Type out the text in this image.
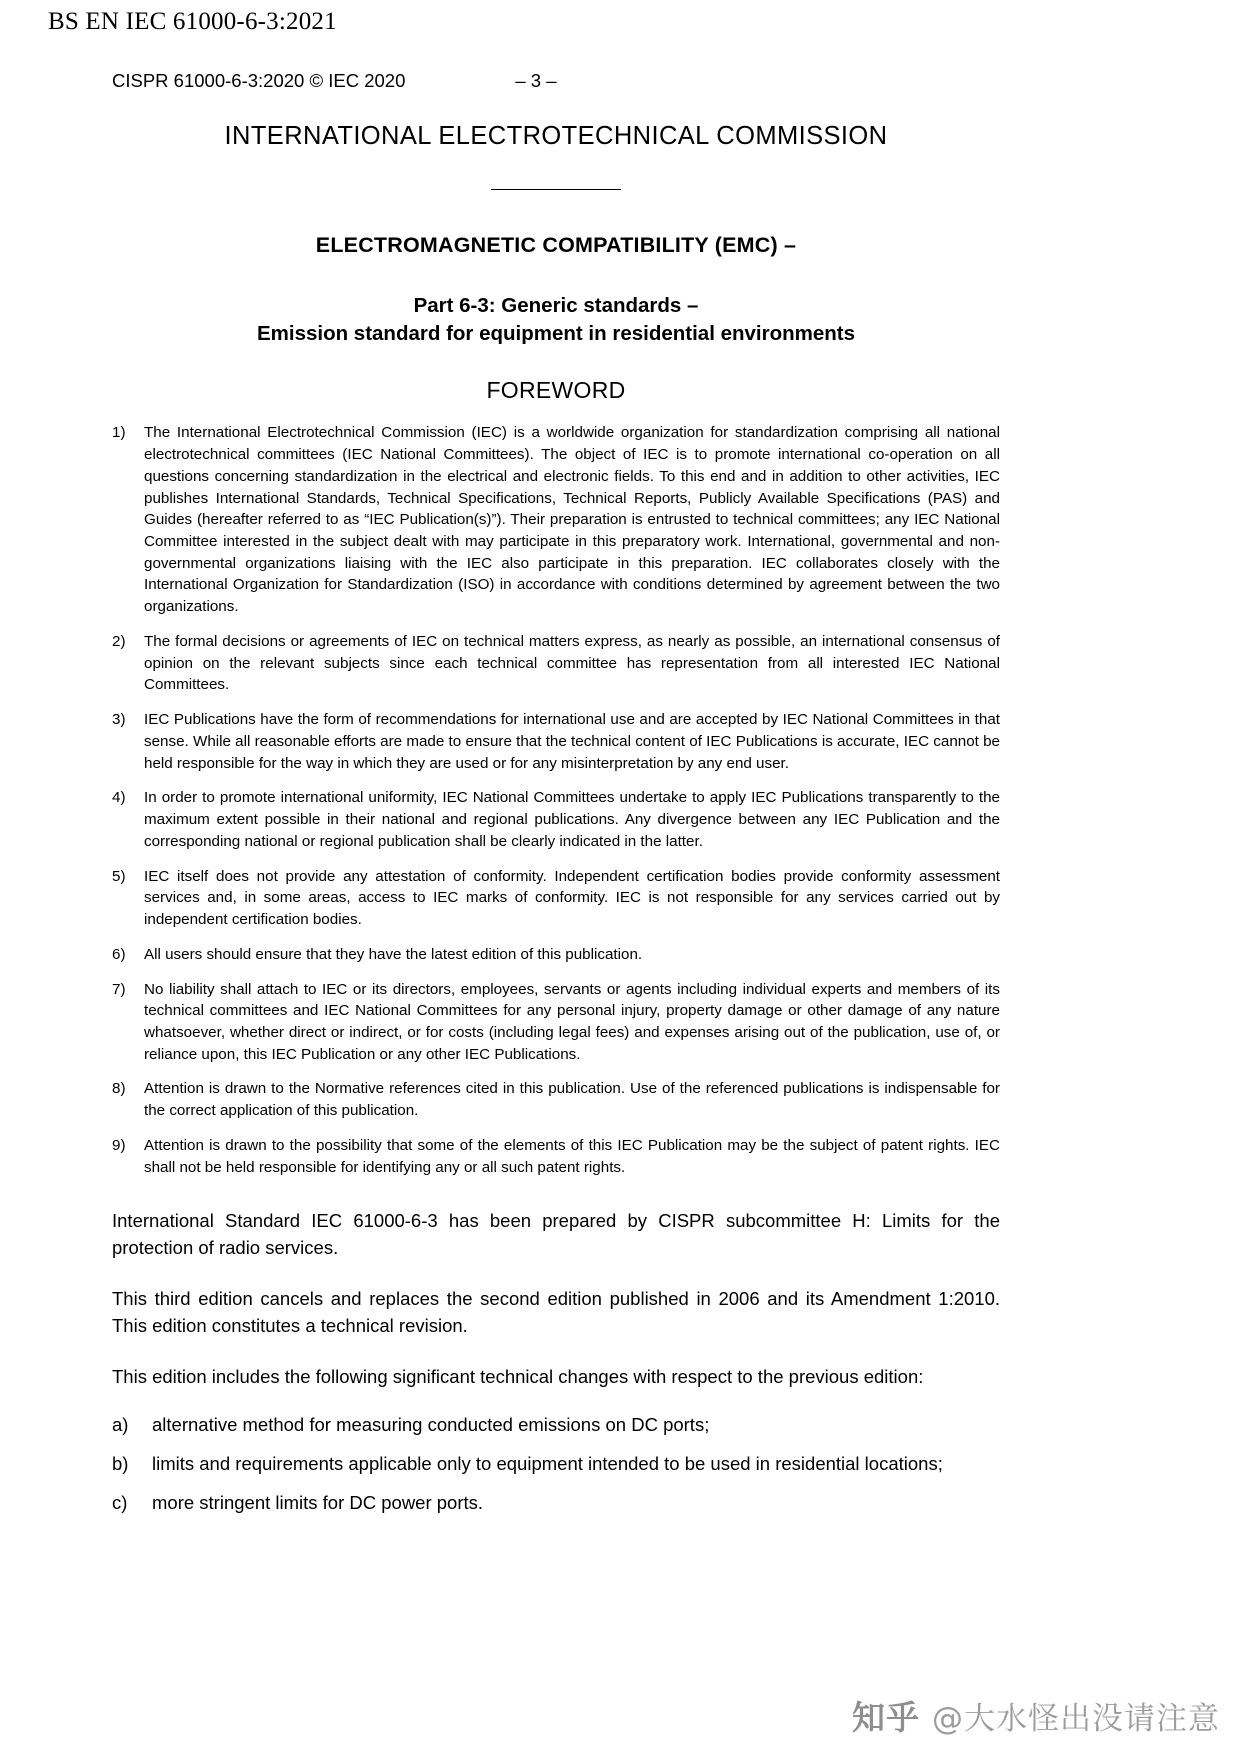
BS EN IEC 61000-6-3:2021
CISPR 61000-6-3:2020 © IEC 2020	– 3 –
INTERNATIONAL ELECTROTECHNICAL COMMISSION
ELECTROMAGNETIC COMPATIBILITY (EMC) –
Part 6-3: Generic standards –
Emission standard for equipment in residential environments
FOREWORD
1) The International Electrotechnical Commission (IEC) is a worldwide organization for standardization comprising all national electrotechnical committees (IEC National Committees). The object of IEC is to promote international co-operation on all questions concerning standardization in the electrical and electronic fields. To this end and in addition to other activities, IEC publishes International Standards, Technical Specifications, Technical Reports, Publicly Available Specifications (PAS) and Guides (hereafter referred to as “IEC Publication(s)”). Their preparation is entrusted to technical committees; any IEC National Committee interested in the subject dealt with may participate in this preparatory work. International, governmental and non-governmental organizations liaising with the IEC also participate in this preparation. IEC collaborates closely with the International Organization for Standardization (ISO) in accordance with conditions determined by agreement between the two organizations.
2) The formal decisions or agreements of IEC on technical matters express, as nearly as possible, an international consensus of opinion on the relevant subjects since each technical committee has representation from all interested IEC National Committees.
3) IEC Publications have the form of recommendations for international use and are accepted by IEC National Committees in that sense. While all reasonable efforts are made to ensure that the technical content of IEC Publications is accurate, IEC cannot be held responsible for the way in which they are used or for any misinterpretation by any end user.
4) In order to promote international uniformity, IEC National Committees undertake to apply IEC Publications transparently to the maximum extent possible in their national and regional publications. Any divergence between any IEC Publication and the corresponding national or regional publication shall be clearly indicated in the latter.
5) IEC itself does not provide any attestation of conformity. Independent certification bodies provide conformity assessment services and, in some areas, access to IEC marks of conformity. IEC is not responsible for any services carried out by independent certification bodies.
6) All users should ensure that they have the latest edition of this publication.
7) No liability shall attach to IEC or its directors, employees, servants or agents including individual experts and members of its technical committees and IEC National Committees for any personal injury, property damage or other damage of any nature whatsoever, whether direct or indirect, or for costs (including legal fees) and expenses arising out of the publication, use of, or reliance upon, this IEC Publication or any other IEC Publications.
8) Attention is drawn to the Normative references cited in this publication. Use of the referenced publications is indispensable for the correct application of this publication.
9) Attention is drawn to the possibility that some of the elements of this IEC Publication may be the subject of patent rights. IEC shall not be held responsible for identifying any or all such patent rights.
International Standard IEC 61000-6-3 has been prepared by CISPR subcommittee H: Limits for the protection of radio services.
This third edition cancels and replaces the second edition published in 2006 and its Amendment 1:2010. This edition constitutes a technical revision.
This edition includes the following significant technical changes with respect to the previous edition:
a) alternative method for measuring conducted emissions on DC ports;
b) limits and requirements applicable only to equipment intended to be used in residential locations;
c) more stringent limits for DC power ports.
知乎 @大水怪出没请注意
